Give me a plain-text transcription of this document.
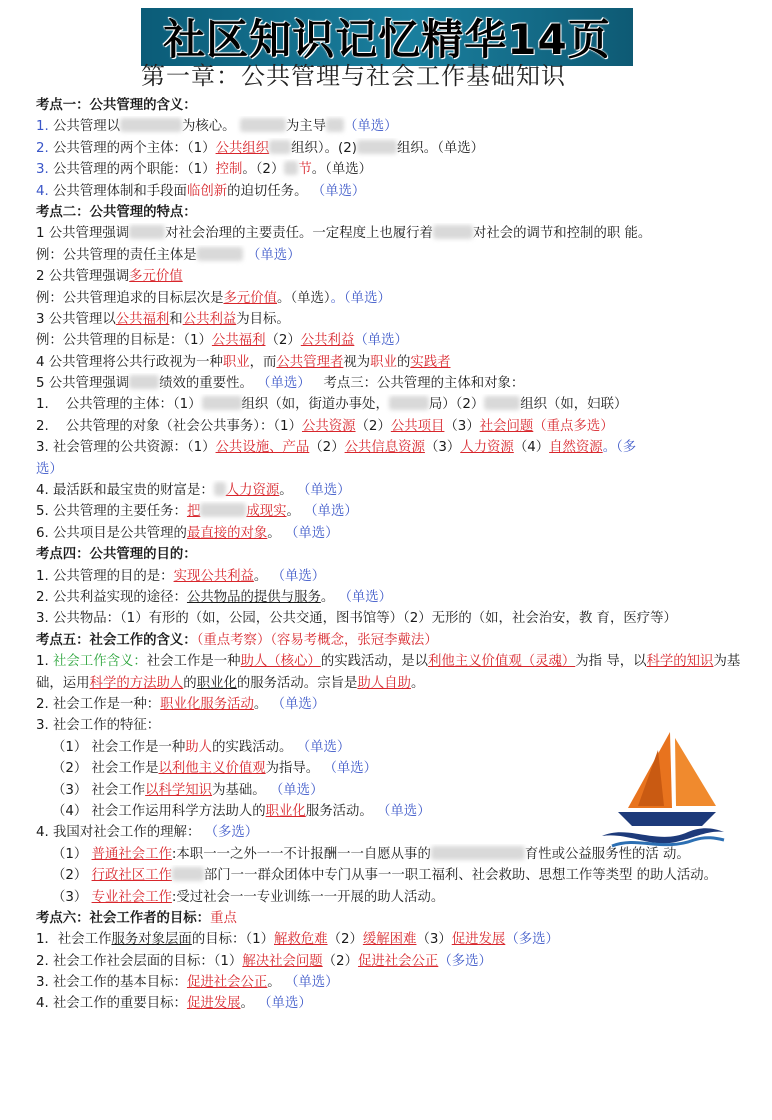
社区知识记忆精华14页
第一章：公共管理与社会工作基础知识
考点一：公共管理的含义：
1. 公共管理以	为核心。	为主导 （单选）
2. 公共管理的两个主体：（1）公共组织 组织）。(2)	组织。（单选）
3. 公共管理的两个职能：（1）控制。（2） 节。（单选）
4. 公共管理体制和手段面临创新的迫切任务。 （单选）
考点二：公共管理的特点：
1 公共管理强调	对社会治理的主要责任。一定程度上也履行着	对社会的调节和控制的职 能。
例：公共管理的责任主体是	（单选）
2 公共管理强调多元价值
例：公共管理追求的目标层次是多元价值。（单选）。（单选）
3 公共管理以公共福利和公共利益为目标。
例：公共管理的目标是：（1）公共福利（2）公共利益（单选）
4 公共管理将公共行政视为一种职业，而公共管理者视为职业的实践者
5 公共管理强调 绩效的重要性。 （单选） 考点三：公共管理的主体和对象：
1. 公共管理的主体：（1）	组织（如，街道办事处，	局）（2）	组织（如，妇联）
2. 公共管理的对象（社会公共事务）：（1）公共资源（2）公共项目（3）社会问题（重点多选）
3. 社会管理的公共资源：（1）公共设施、产品（2）公共信息资源（3）人力资源（4）自然资源。（多
选）
4. 最活跃和最宝贵的财富是： 人力资源。 （单选）
5. 公共管理的主要任务：把	成现实。 （单选）
6. 公共项目是公共管理的最直接的对象。 （单选）
考点四：公共管理的目的：
1. 公共管理的目的是：实现公共利益。 （单选）
2. 公共利益实现的途径：公共物品的提供与服务。 （单选）
3. 公共物品：（1）有形的（如，公园，公共交通，图书馆等）（2）无形的（如，社会治安，教 育，医疗等）
考点五：社会工作的含义：（重点考察）（容易考概念，张冠李戴法）
1. 社会工作含义：社会工作是一种助人（核心）的实践活动，是以利他主义价值观（灵魂）为指 导，以科学的知识为基础，运用科学的方法助人的职业化的服务活动。宗旨是助人自助。
2. 社会工作是一种：职业化服务活动。 （单选）
3. 社会工作的特征：
（1） 社会工作是一种助人的实践活动。 （单选）
（2） 社会工作是以利他主义价值观为指导。 （单选）
（3） 社会工作以科学知识为基础。 （单选）
（4） 社会工作运用科学方法助人的职业化服务活动。 （单选）
4. 我国对社会工作的理解： （多选）
（1） 普通社会工作:本职一一之外一一不计报酬一一自愿从事的	育性或公益服务性的活 动。
（2） 行政社区工作 部门一一群众团体中专门从事一一职工福利、社会救助、思想工作等类型 的助人活动。
（3） 专业社会工作:受过社会一一专业训练一一开展的助人活动。
考点六：社会工作者的目标：重点
1．社会工作服务对象层面的目标：（1）解救危难（2）缓解困难（3）促进发展（多选）
2. 社会工作社会层面的目标：（1）解决社会问题（2）促进社会公正（多选）
3. 社会工作的基本目标：促进社会公正。 （单选）
4. 社会工作的重要目标：促进发展。 （单选）
